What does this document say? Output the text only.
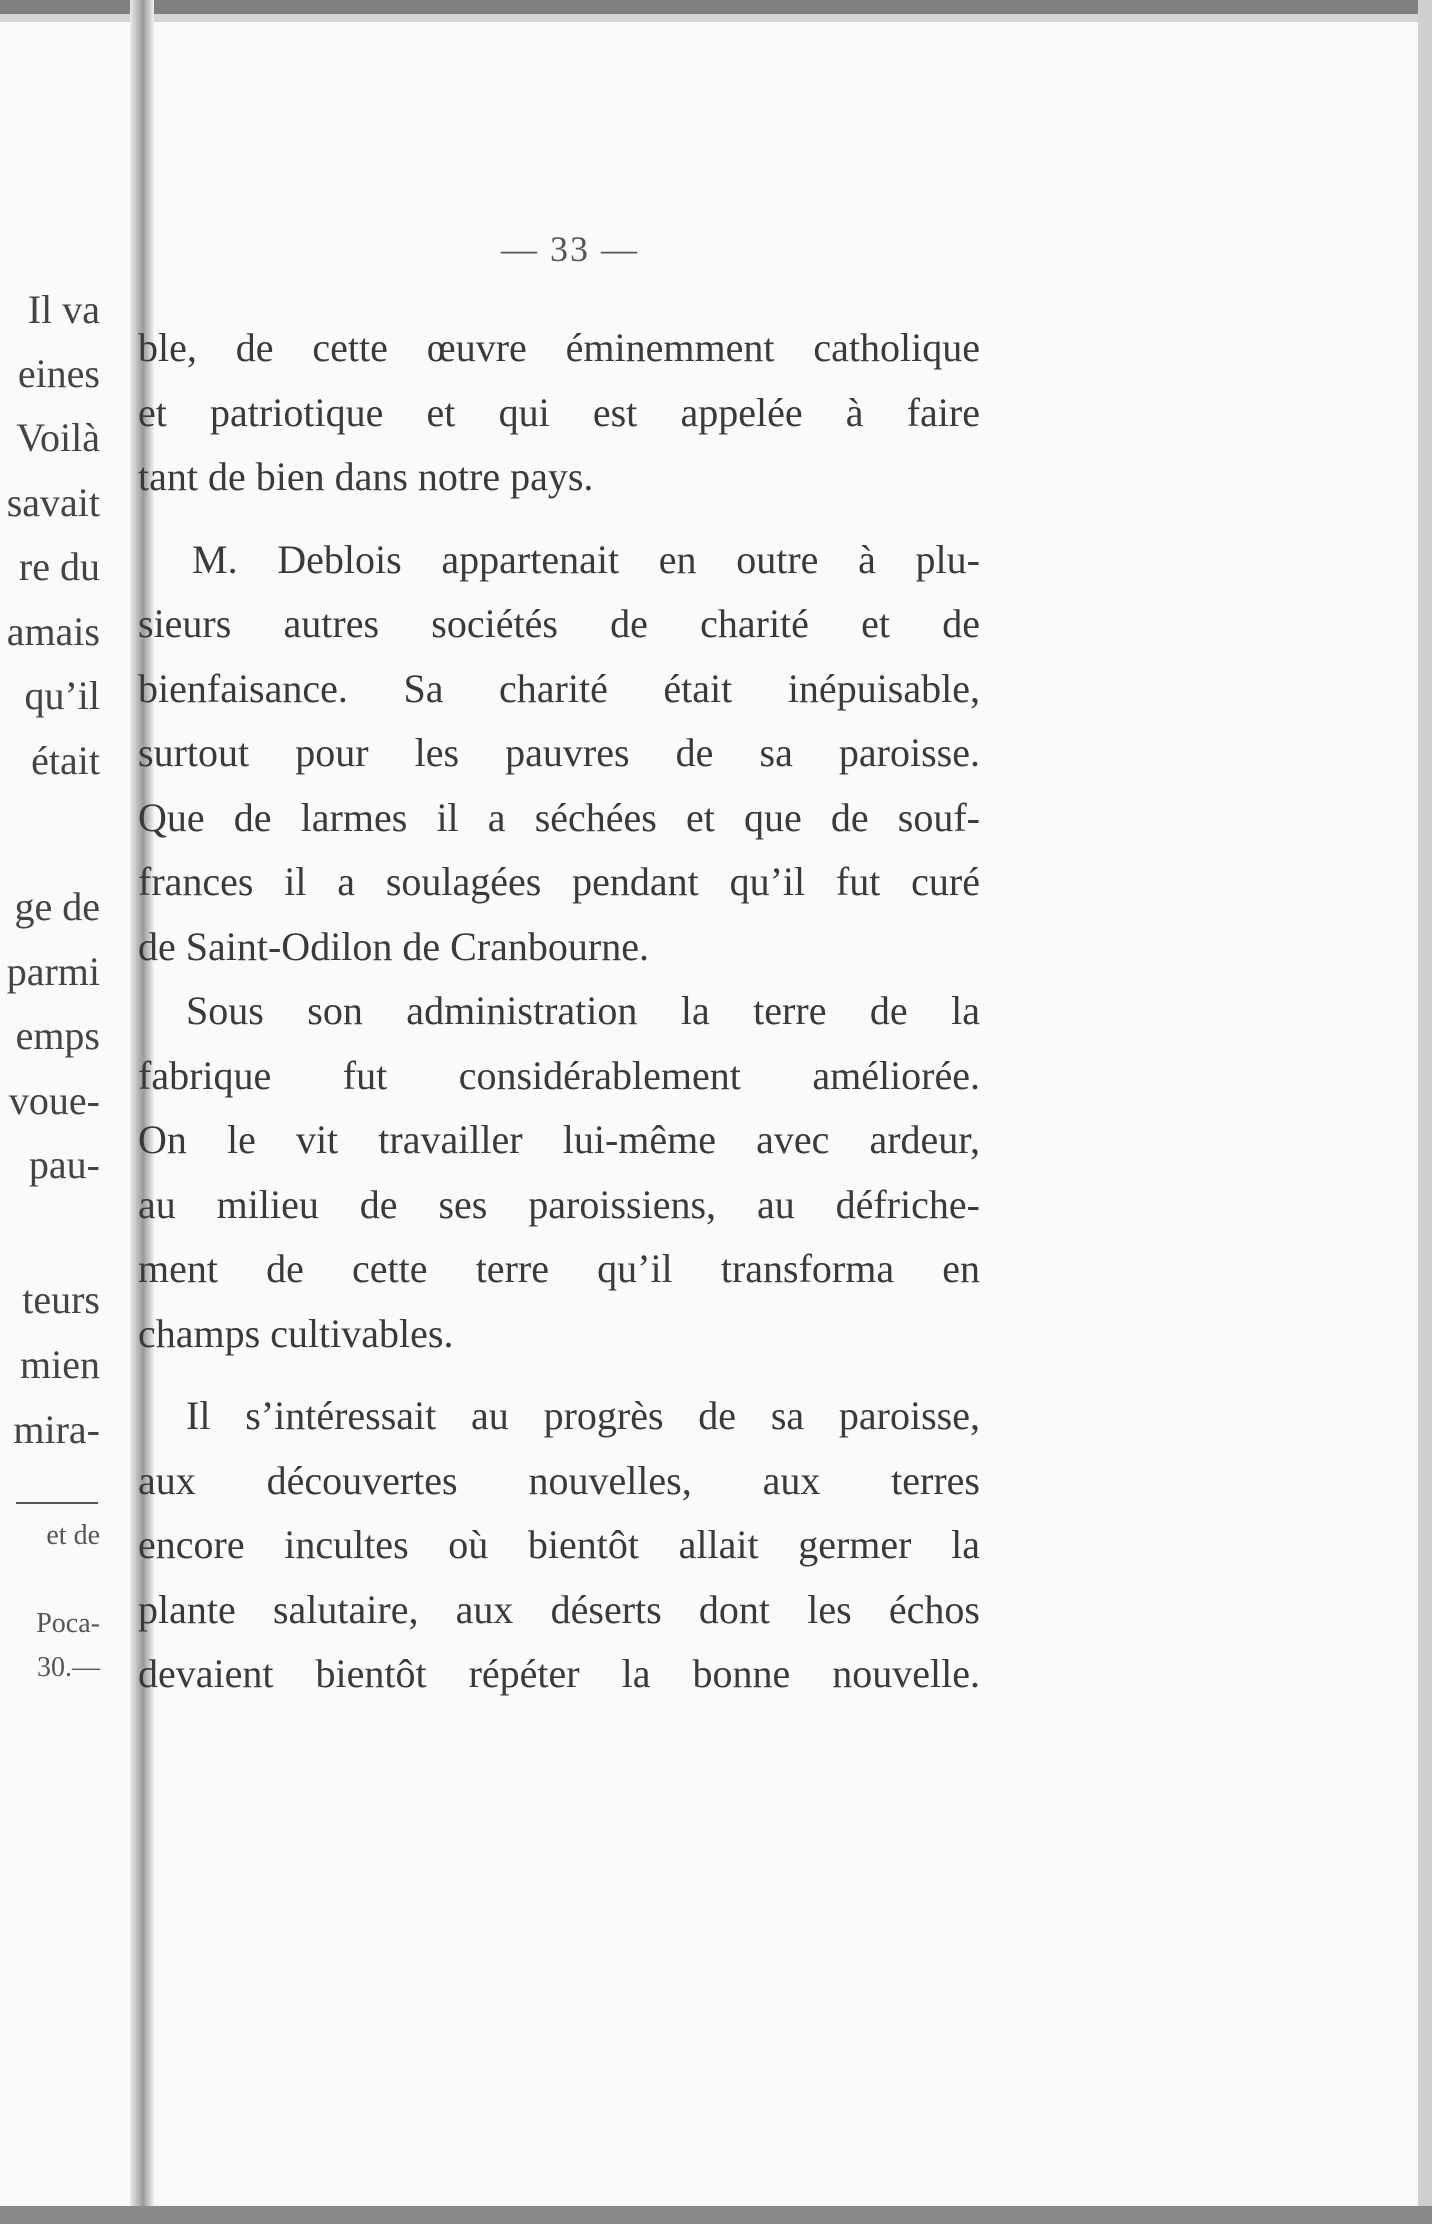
Il va

eines

Voilà

savait

re du

amais

qu’il

était

ge de

parmi

emps

voue-

pau-

teurs

mien

mira-

et de

Poca-

30.—

— 33 —
ble, de cette œuvre éminemment catholique
et patriotique et qui est appelée à faire
tant de bien dans notre pays.
M. Deblois appartenait en outre à plu-
sieurs autres sociétés de charité et de
bienfaisance. Sa charité était inépuisable,
surtout pour les pauvres de sa paroisse.
Que de larmes il a séchées et que de souf-
frances il a soulagées pendant qu’il fut curé
de Saint-Odilon de Cranbourne.
Sous son administration la terre de la
fabrique fut considérablement améliorée.
On le vit travailler lui-même avec ardeur,
au milieu de ses paroissiens, au défriche-
ment de cette terre qu’il transforma en
champs cultivables.
Il s’intéressait au progrès de sa paroisse,
aux découvertes nouvelles, aux terres
encore incultes où bientôt allait germer la
plante salutaire, aux déserts dont les échos
devaient bientôt répéter la bonne nouvelle.
